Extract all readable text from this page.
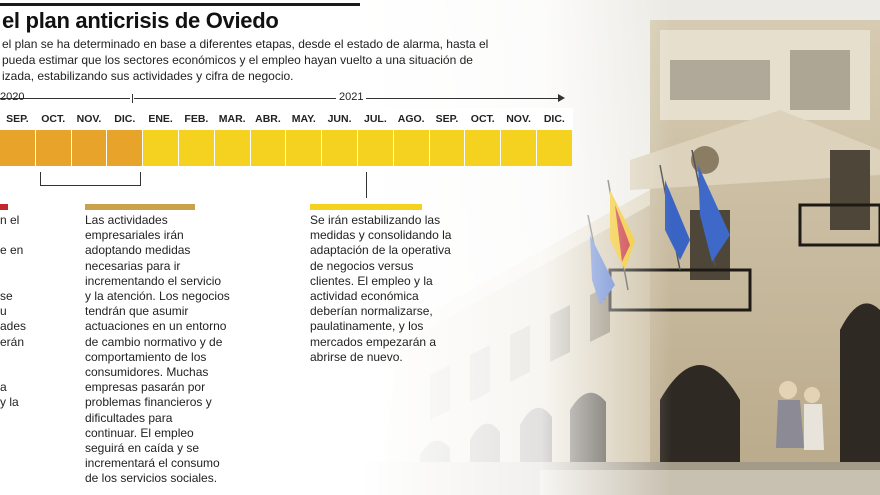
el plan anticrisis de Oviedo
el plan se ha determinado en base a diferentes etapas, desde el estado de alarma, hasta el
pueda estimar que los sectores económicos y el empleo hayan vuelto a una situación de
izada, estabilizando sus actividades y cifra de negocio.
2020	2021
SEP.	OCT.	NOV.	DIC.	ENE.	FEB. MAR. ABR.	MAY.	JUN.	JUL.	AGO.	SEP.	OCT.	NOV.	DIC.
n el

e en

se
u
ades
erán

a
y la

Las actividades
empresariales irán
adoptando medidas
necesarias para ir
incrementando el servicio
y la atención. Los negocios
tendrán que asumir
actuaciones en un entorno
de cambio normativo y de
comportamiento de los
consumidores. Muchas
empresas pasarán por
problemas financieros y
dificultades para
continuar. El empleo
seguirá en caída y se
incrementará el consumo
de los servicios sociales.
Se irán estabilizando las
medidas y consolidando la
adaptación de la operativa
de negocios versus
clientes. El empleo y la
actividad económica
deberían normalizarse,
paulatinamente, y los
mercados empezarán a
abrirse de nuevo.
